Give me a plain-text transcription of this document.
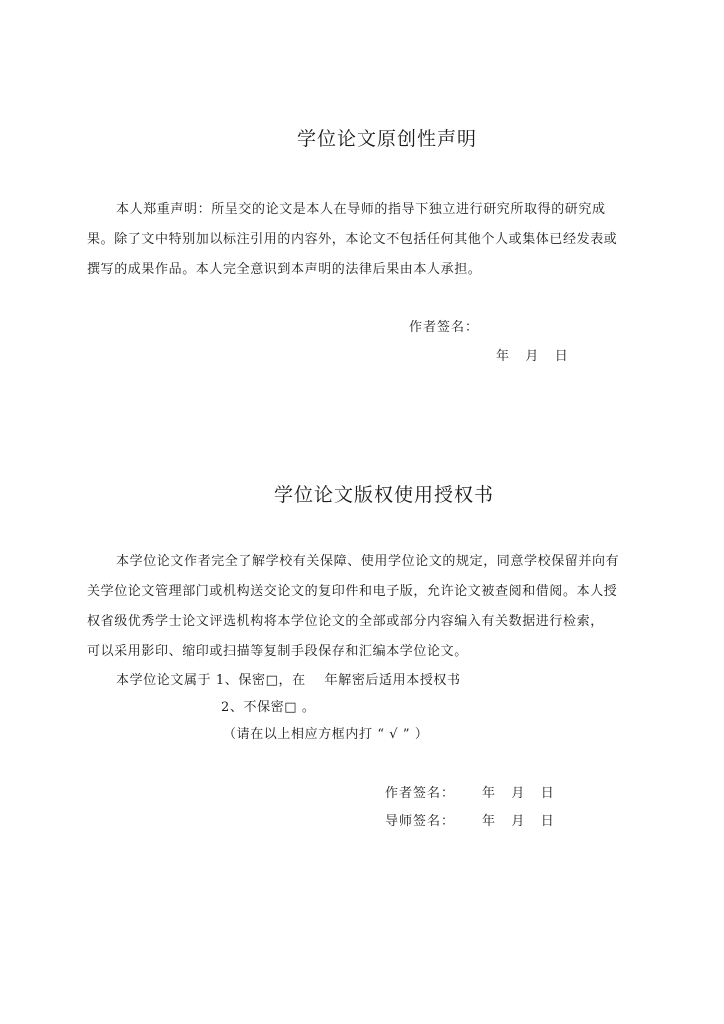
学位论文原创性声明
本人郑重声明：所呈交的论文是本人在导师的指导下独立进行研究所取得的研究成
果。除了文中特别加以标注引用的内容外，本论文不包括任何其他个人或集体已经发表或
撰写的成果作品。本人完全意识到本声明的法律后果由本人承担。
作者签名：
年   月   日
学位论文版权使用授权书
本学位论文作者完全了解学校有关保障、使用学位论文的规定，同意学校保留并向有
关学位论文管理部门或机构送交论文的复印件和电子版，允许论文被查阅和借阅。本人授
权省级优秀学士论文评选机构将本学位论文的全部或部分内容编入有关数据进行检索，
可以采用影印、缩印或扫描等复制手段保存和汇编本学位论文。
本学位论文属于 1、保密□，在    年解密后适用本授权书
2、不保密□ 。
（请在以上相应方框内打 “ √ ” ）
作者签名： 年   月   日
导师签名： 年   月   日
